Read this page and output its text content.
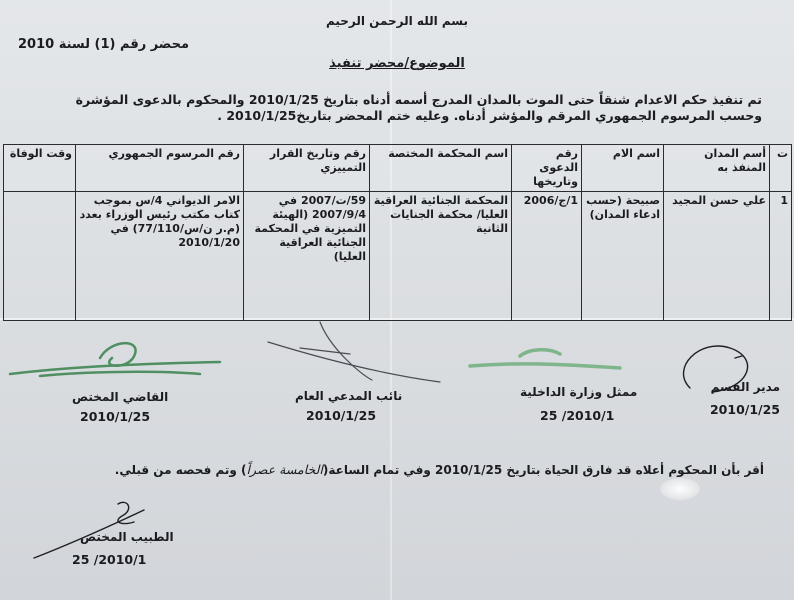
بسم الله الرحمن الرحيم
محضر رقم (1) لسنة 2010
الموضوع/محضر تنفيذ
تم تنفيذ حكم الاعدام شنقاً حتى الموت بالمدان المدرج أسمه أدناه بتاريخ 2010/1/25 والمحكوم بالدعوى المؤشرة
وحسب المرسوم الجمهوري المرقم والمؤشر أدناه. وعليه ختم المحضر بتاريخ2010/1/25 .
ت	أسم المدان المنفذ به	اسم الام	رقم الدعوى وتاريخها	اسم المحكمة المختصة	رقم وتاريخ القرار التمييزي	رقم المرسوم الجمهوري	وقت الوفاة
1	علي حسن المجيد	صبيحة (حسب ادعاء المدان)	1/ج/2006	المحكمة الجنائية العراقية العليا/ محكمة الجنايات الثانية	59/ت/2007 في 2007/9/4 (الهيئة التميزية في المحكمة الجنائية العراقية العليا)	الامر الديواني 4/س بموجب كتاب مكتب رئيس الوزراء بعدد (م.ر ن/س/77/110) في 2010/1/20	
مدير القسم
2010/1/25
ممثل وزارة الداخلية
2010/1/ 25
نائب المدعي العام
2010/1/25
القاضي المختص
2010/1/25
أقر بأن المحكوم أعلاه قد فارق الحياة بتاريخ 2010/1/25 وفي تمام الساعة(الخامسة عصراً) وتم فحصه من قبلي.
الطبيب المختص
2010/1/ 25
